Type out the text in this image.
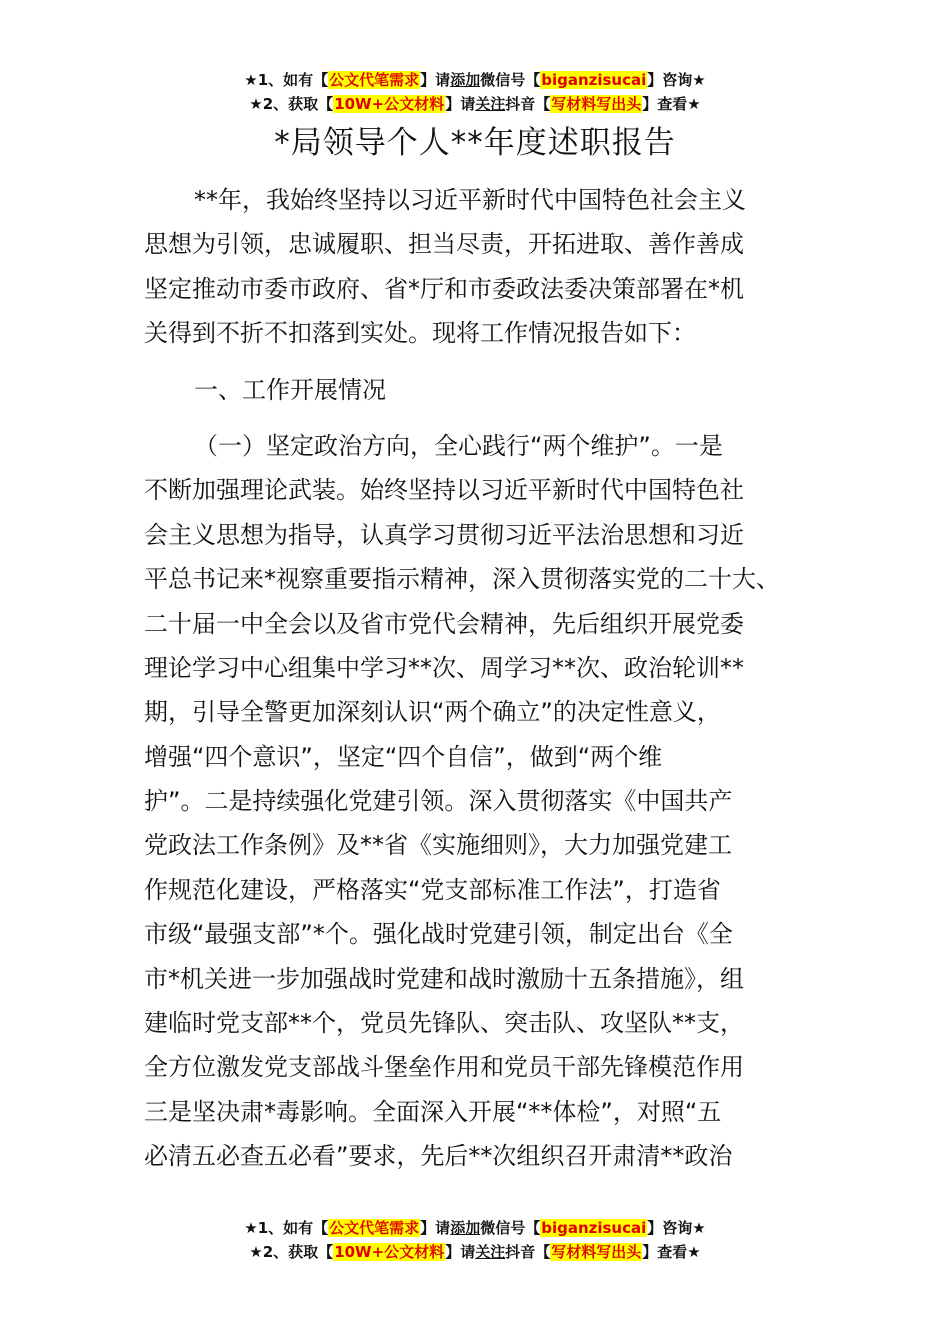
★1、如有【公文代笔需求】请添加微信号【biganzisucai】咨询★
★2、获取【10W+公文材料】请关注抖音【写材料写出头】查看★
*局领导个人**年度述职报告
**年，我始终坚持以习近平新时代中国特色社会主义
思想为引领，忠诚履职、担当尽责，开拓进取、善作善成
坚定推动市委市政府、省*厅和市委政法委决策部署在*机
关得到不折不扣落到实处。现将工作情况报告如下：
一、工作开展情况
（一）坚定政治方向，全心践行“两个维护”。一是
不断加强理论武装。始终坚持以习近平新时代中国特色社
会主义思想为指导，认真学习贯彻习近平法治思想和习近
平总书记来*视察重要指示精神，深入贯彻落实党的二十大、
二十届一中全会以及省市党代会精神，先后组织开展党委
理论学习中心组集中学习**次、周学习**次、政治轮训**
期，引导全警更加深刻认识“两个确立”的决定性意义，
增强“四个意识”，坚定“四个自信”，做到“两个维
护”。二是持续强化党建引领。深入贯彻落实《中国共产
党政法工作条例》及**省《实施细则》，大力加强党建工
作规范化建设，严格落实“党支部标准工作法”，打造省
市级“最强支部”*个。强化战时党建引领，制定出台《全
市*机关进一步加强战时党建和战时激励十五条措施》，组
建临时党支部**个，党员先锋队、突击队、攻坚队**支，
全方位激发党支部战斗堡垒作用和党员干部先锋模范作用
三是坚决肃*毒影响。全面深入开展“**体检”，对照“五
必清五必查五必看”要求，先后**次组织召开肃清**政治
★1、如有【公文代笔需求】请添加微信号【biganzisucai】咨询★
★2、获取【10W+公文材料】请关注抖音【写材料写出头】查看★
